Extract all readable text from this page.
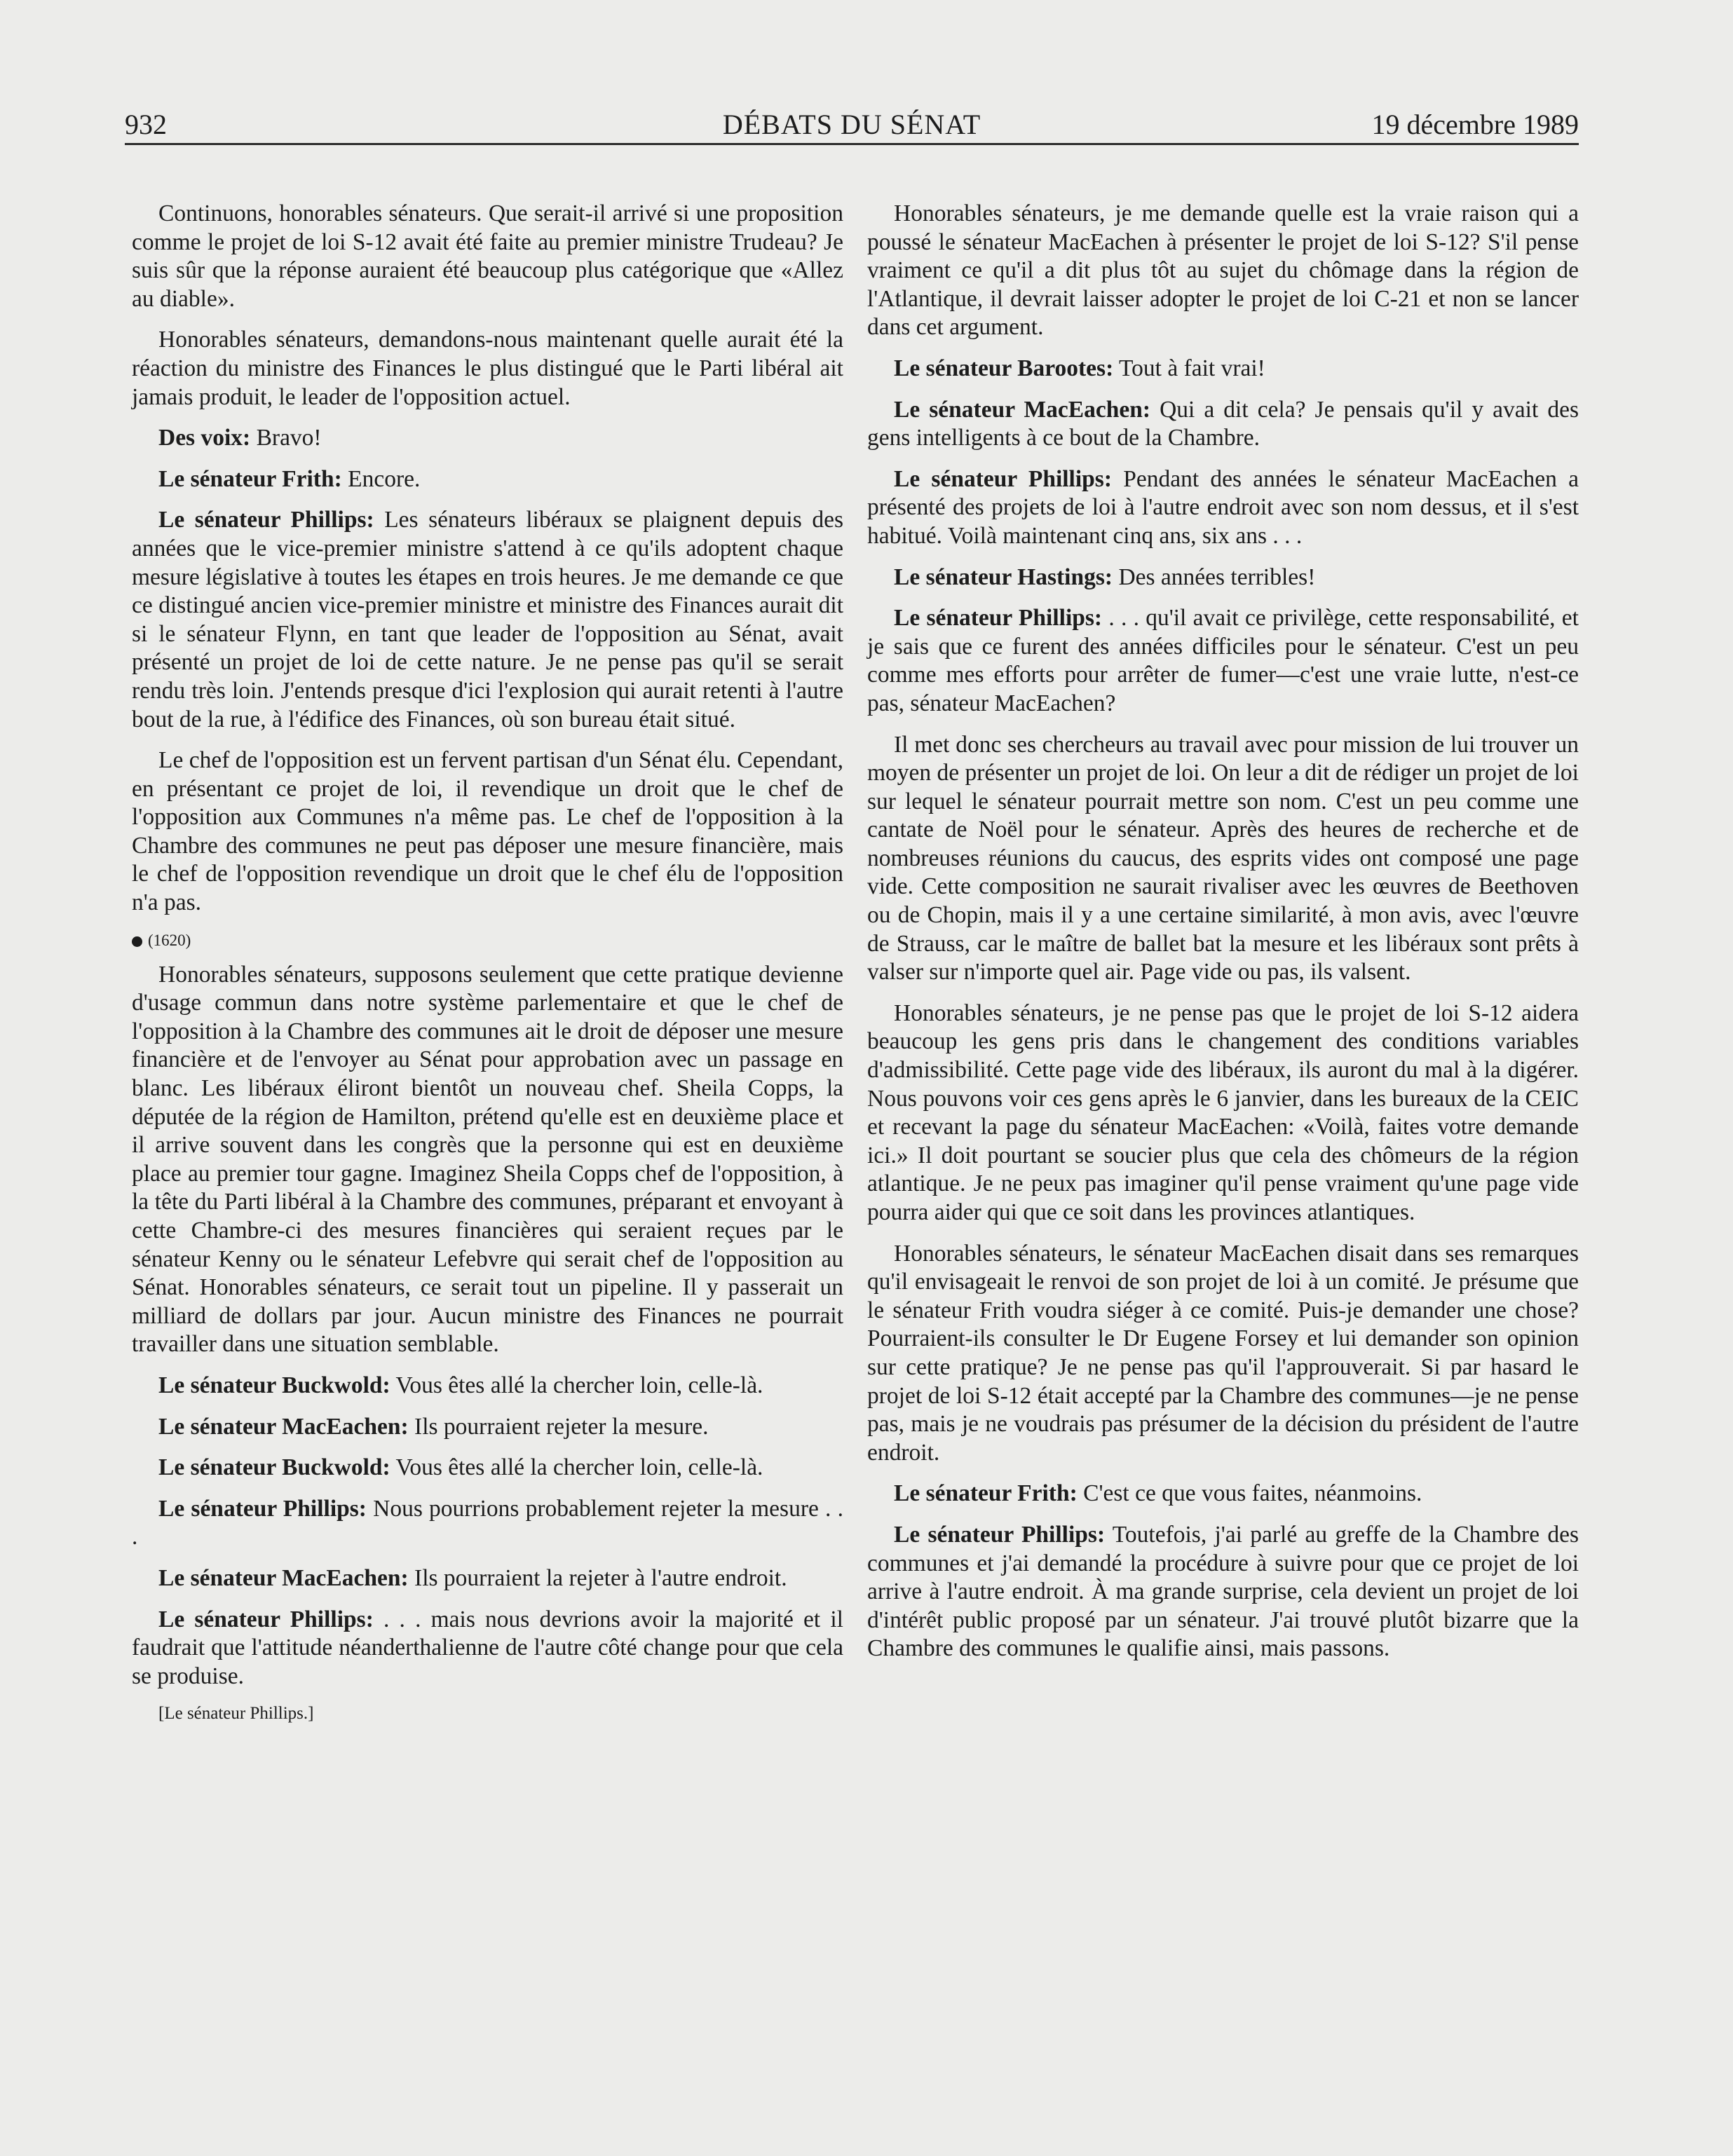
932	DÉBATS DU SÉNAT	19 décembre 1989

Continuons, honorables sénateurs. Que serait-il arrivé si une proposition comme le projet de loi S-12 avait été faite au premier ministre Trudeau? Je suis sûr que la réponse auraient été beaucoup plus catégorique que «Allez au diable».

Honorables sénateurs, demandons-nous maintenant quelle aurait été la réaction du ministre des Finances le plus distingué que le Parti libéral ait jamais produit, le leader de l'opposition actuel.

Des voix: Bravo!

Le sénateur Frith: Encore.

Le sénateur Phillips: Les sénateurs libéraux se plaignent depuis des années que le vice-premier ministre s'attend à ce qu'ils adoptent chaque mesure législative à toutes les étapes en trois heures. Je me demande ce que ce distingué ancien vice-premier ministre et ministre des Finances aurait dit si le sénateur Flynn, en tant que leader de l'opposition au Sénat, avait présenté un projet de loi de cette nature. Je ne pense pas qu'il se serait rendu très loin. J'entends presque d'ici l'explosion qui aurait retenti à l'autre bout de la rue, à l'édifice des Finances, où son bureau était situé.

Le chef de l'opposition est un fervent partisan d'un Sénat élu. Cependant, en présentant ce projet de loi, il revendique un droit que le chef de l'opposition aux Communes n'a même pas. Le chef de l'opposition à la Chambre des communes ne peut pas déposer une mesure financière, mais le chef de l'opposition revendique un droit que le chef élu de l'opposition n'a pas.

(1620)

Honorables sénateurs, supposons seulement que cette pratique devienne d'usage commun dans notre système parlementaire et que le chef de l'opposition à la Chambre des communes ait le droit de déposer une mesure financière et de l'envoyer au Sénat pour approbation avec un passage en blanc. Les libéraux éliront bientôt un nouveau chef. Sheila Copps, la députée de la région de Hamilton, prétend qu'elle est en deuxième place et il arrive souvent dans les congrès que la personne qui est en deuxième place au premier tour gagne. Imaginez Sheila Copps chef de l'opposition, à la tête du Parti libéral à la Chambre des communes, préparant et envoyant à cette Chambre-ci des mesures financières qui seraient reçues par le sénateur Kenny ou le sénateur Lefebvre qui serait chef de l'opposition au Sénat. Honorables sénateurs, ce serait tout un pipeline. Il y passerait un milliard de dollars par jour. Aucun ministre des Finances ne pourrait travailler dans une situation semblable.

Le sénateur Buckwold: Vous êtes allé la chercher loin, celle-là.

Le sénateur MacEachen: Ils pourraient rejeter la mesure.

Le sénateur Buckwold: Vous êtes allé la chercher loin, celle-là.

Le sénateur Phillips: Nous pourrions probablement rejeter la mesure . . .

Le sénateur MacEachen: Ils pourraient la rejeter à l'autre endroit.

Le sénateur Phillips: . . . mais nous devrions avoir la majorité et il faudrait que l'attitude néanderthalienne de l'autre côté change pour que cela se produise.

[Le sénateur Phillips.]

Honorables sénateurs, je me demande quelle est la vraie raison qui a poussé le sénateur MacEachen à présenter le projet de loi S-12? S'il pense vraiment ce qu'il a dit plus tôt au sujet du chômage dans la région de l'Atlantique, il devrait laisser adopter le projet de loi C-21 et non se lancer dans cet argument.

Le sénateur Barootes: Tout à fait vrai!

Le sénateur MacEachen: Qui a dit cela? Je pensais qu'il y avait des gens intelligents à ce bout de la Chambre.

Le sénateur Phillips: Pendant des années le sénateur MacEachen a présenté des projets de loi à l'autre endroit avec son nom dessus, et il s'est habitué. Voilà maintenant cinq ans, six ans . . .

Le sénateur Hastings: Des années terribles!

Le sénateur Phillips: . . . qu'il avait ce privilège, cette responsabilité, et je sais que ce furent des années difficiles pour le sénateur. C'est un peu comme mes efforts pour arrêter de fumer—c'est une vraie lutte, n'est-ce pas, sénateur MacEachen?

Il met donc ses chercheurs au travail avec pour mission de lui trouver un moyen de présenter un projet de loi. On leur a dit de rédiger un projet de loi sur lequel le sénateur pourrait mettre son nom. C'est un peu comme une cantate de Noël pour le sénateur. Après des heures de recherche et de nombreuses réunions du caucus, des esprits vides ont composé une page vide. Cette composition ne saurait rivaliser avec les œuvres de Beethoven ou de Chopin, mais il y a une certaine similarité, à mon avis, avec l'œuvre de Strauss, car le maître de ballet bat la mesure et les libéraux sont prêts à valser sur n'importe quel air. Page vide ou pas, ils valsent.

Honorables sénateurs, je ne pense pas que le projet de loi S-12 aidera beaucoup les gens pris dans le changement des conditions variables d'admissibilité. Cette page vide des libéraux, ils auront du mal à la digérer. Nous pouvons voir ces gens après le 6 janvier, dans les bureaux de la CEIC et recevant la page du sénateur MacEachen: «Voilà, faites votre demande ici.» Il doit pourtant se soucier plus que cela des chômeurs de la région atlantique. Je ne peux pas imaginer qu'il pense vraiment qu'une page vide pourra aider qui que ce soit dans les provinces atlantiques.

Honorables sénateurs, le sénateur MacEachen disait dans ses remarques qu'il envisageait le renvoi de son projet de loi à un comité. Je présume que le sénateur Frith voudra siéger à ce comité. Puis-je demander une chose? Pourraient-ils consulter le Dr Eugene Forsey et lui demander son opinion sur cette pratique? Je ne pense pas qu'il l'approuverait. Si par hasard le projet de loi S-12 était accepté par la Chambre des communes—je ne pense pas, mais je ne voudrais pas présumer de la décision du président de l'autre endroit.

Le sénateur Frith: C'est ce que vous faites, néanmoins.

Le sénateur Phillips: Toutefois, j'ai parlé au greffe de la Chambre des communes et j'ai demandé la procédure à suivre pour que ce projet de loi arrive à l'autre endroit. À ma grande surprise, cela devient un projet de loi d'intérêt public proposé par un sénateur. J'ai trouvé plutôt bizarre que la Chambre des communes le qualifie ainsi, mais passons.
